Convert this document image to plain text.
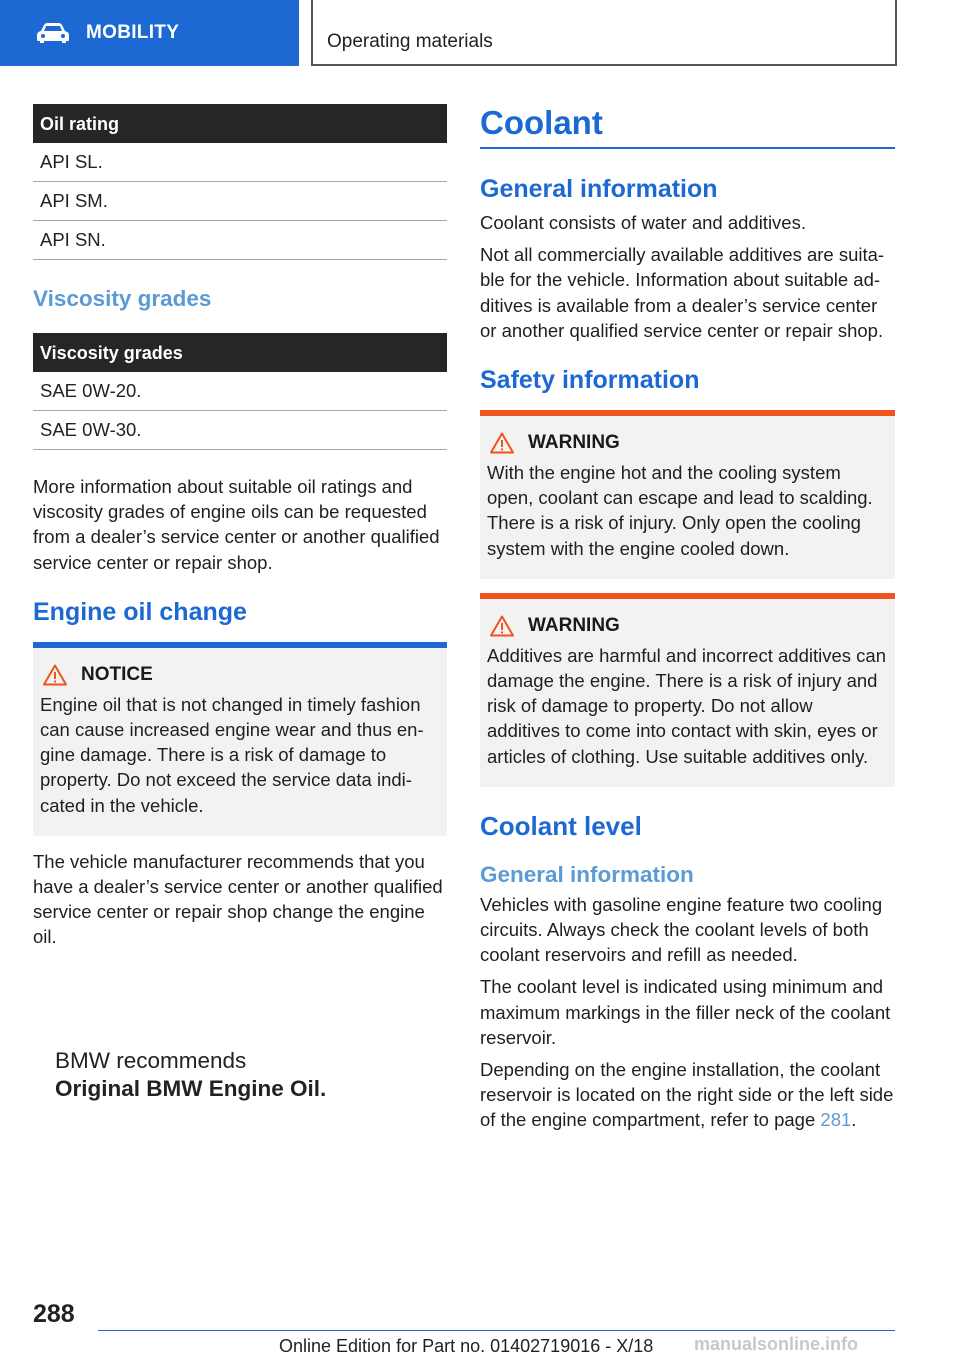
MOBILITY	Operating materials
Oil rating
API SL.
API SM.
API SN.
Viscosity grades
Viscosity grades
SAE 0W-20.
SAE 0W-30.

More information about suitable oil ratings and viscosity grades of engine oils can be requested from a dealer’s service center or another qualified service center or repair shop.

Engine oil change
NOTICE

Engine oil that is not changed in timely fashion can cause increased engine wear and thus engine damage. There is a risk of damage to property. Do not exceed the service data indicated in the vehicle.

The vehicle manufacturer recommends that you have a dealer’s service center or another qualified service center or repair shop change the engine oil.

BMW recommends
Original BMW Engine Oil.
Coolant
General information

Coolant consists of water and additives.

Not all commercially available additives are suitable for the vehicle. Information about suitable additives is available from a dealer’s service center or another qualified service center or repair shop.

Safety information
WARNING

With the engine hot and the cooling system open, coolant can escape and lead to scalding. There is a risk of injury. Only open the cooling system with the engine cooled down.

WARNING

Additives are harmful and incorrect additives can damage the engine. There is a risk of injury and risk of damage to property. Do not allow additives to come into contact with skin, eyes or articles of clothing. Use suitable additives only.

Coolant level
General information

Vehicles with gasoline engine feature two cooling circuits. Always check the coolant levels of both coolant reservoirs and refill as needed.

The coolant level is indicated using minimum and maximum markings in the filler neck of the coolant reservoir.

Depending on the engine installation, the coolant reservoir is located on the right side or the left side of the engine compartment, refer to page 281.

288
Online Edition for Part no. 01402719016 - X/18 manualsonline.info
